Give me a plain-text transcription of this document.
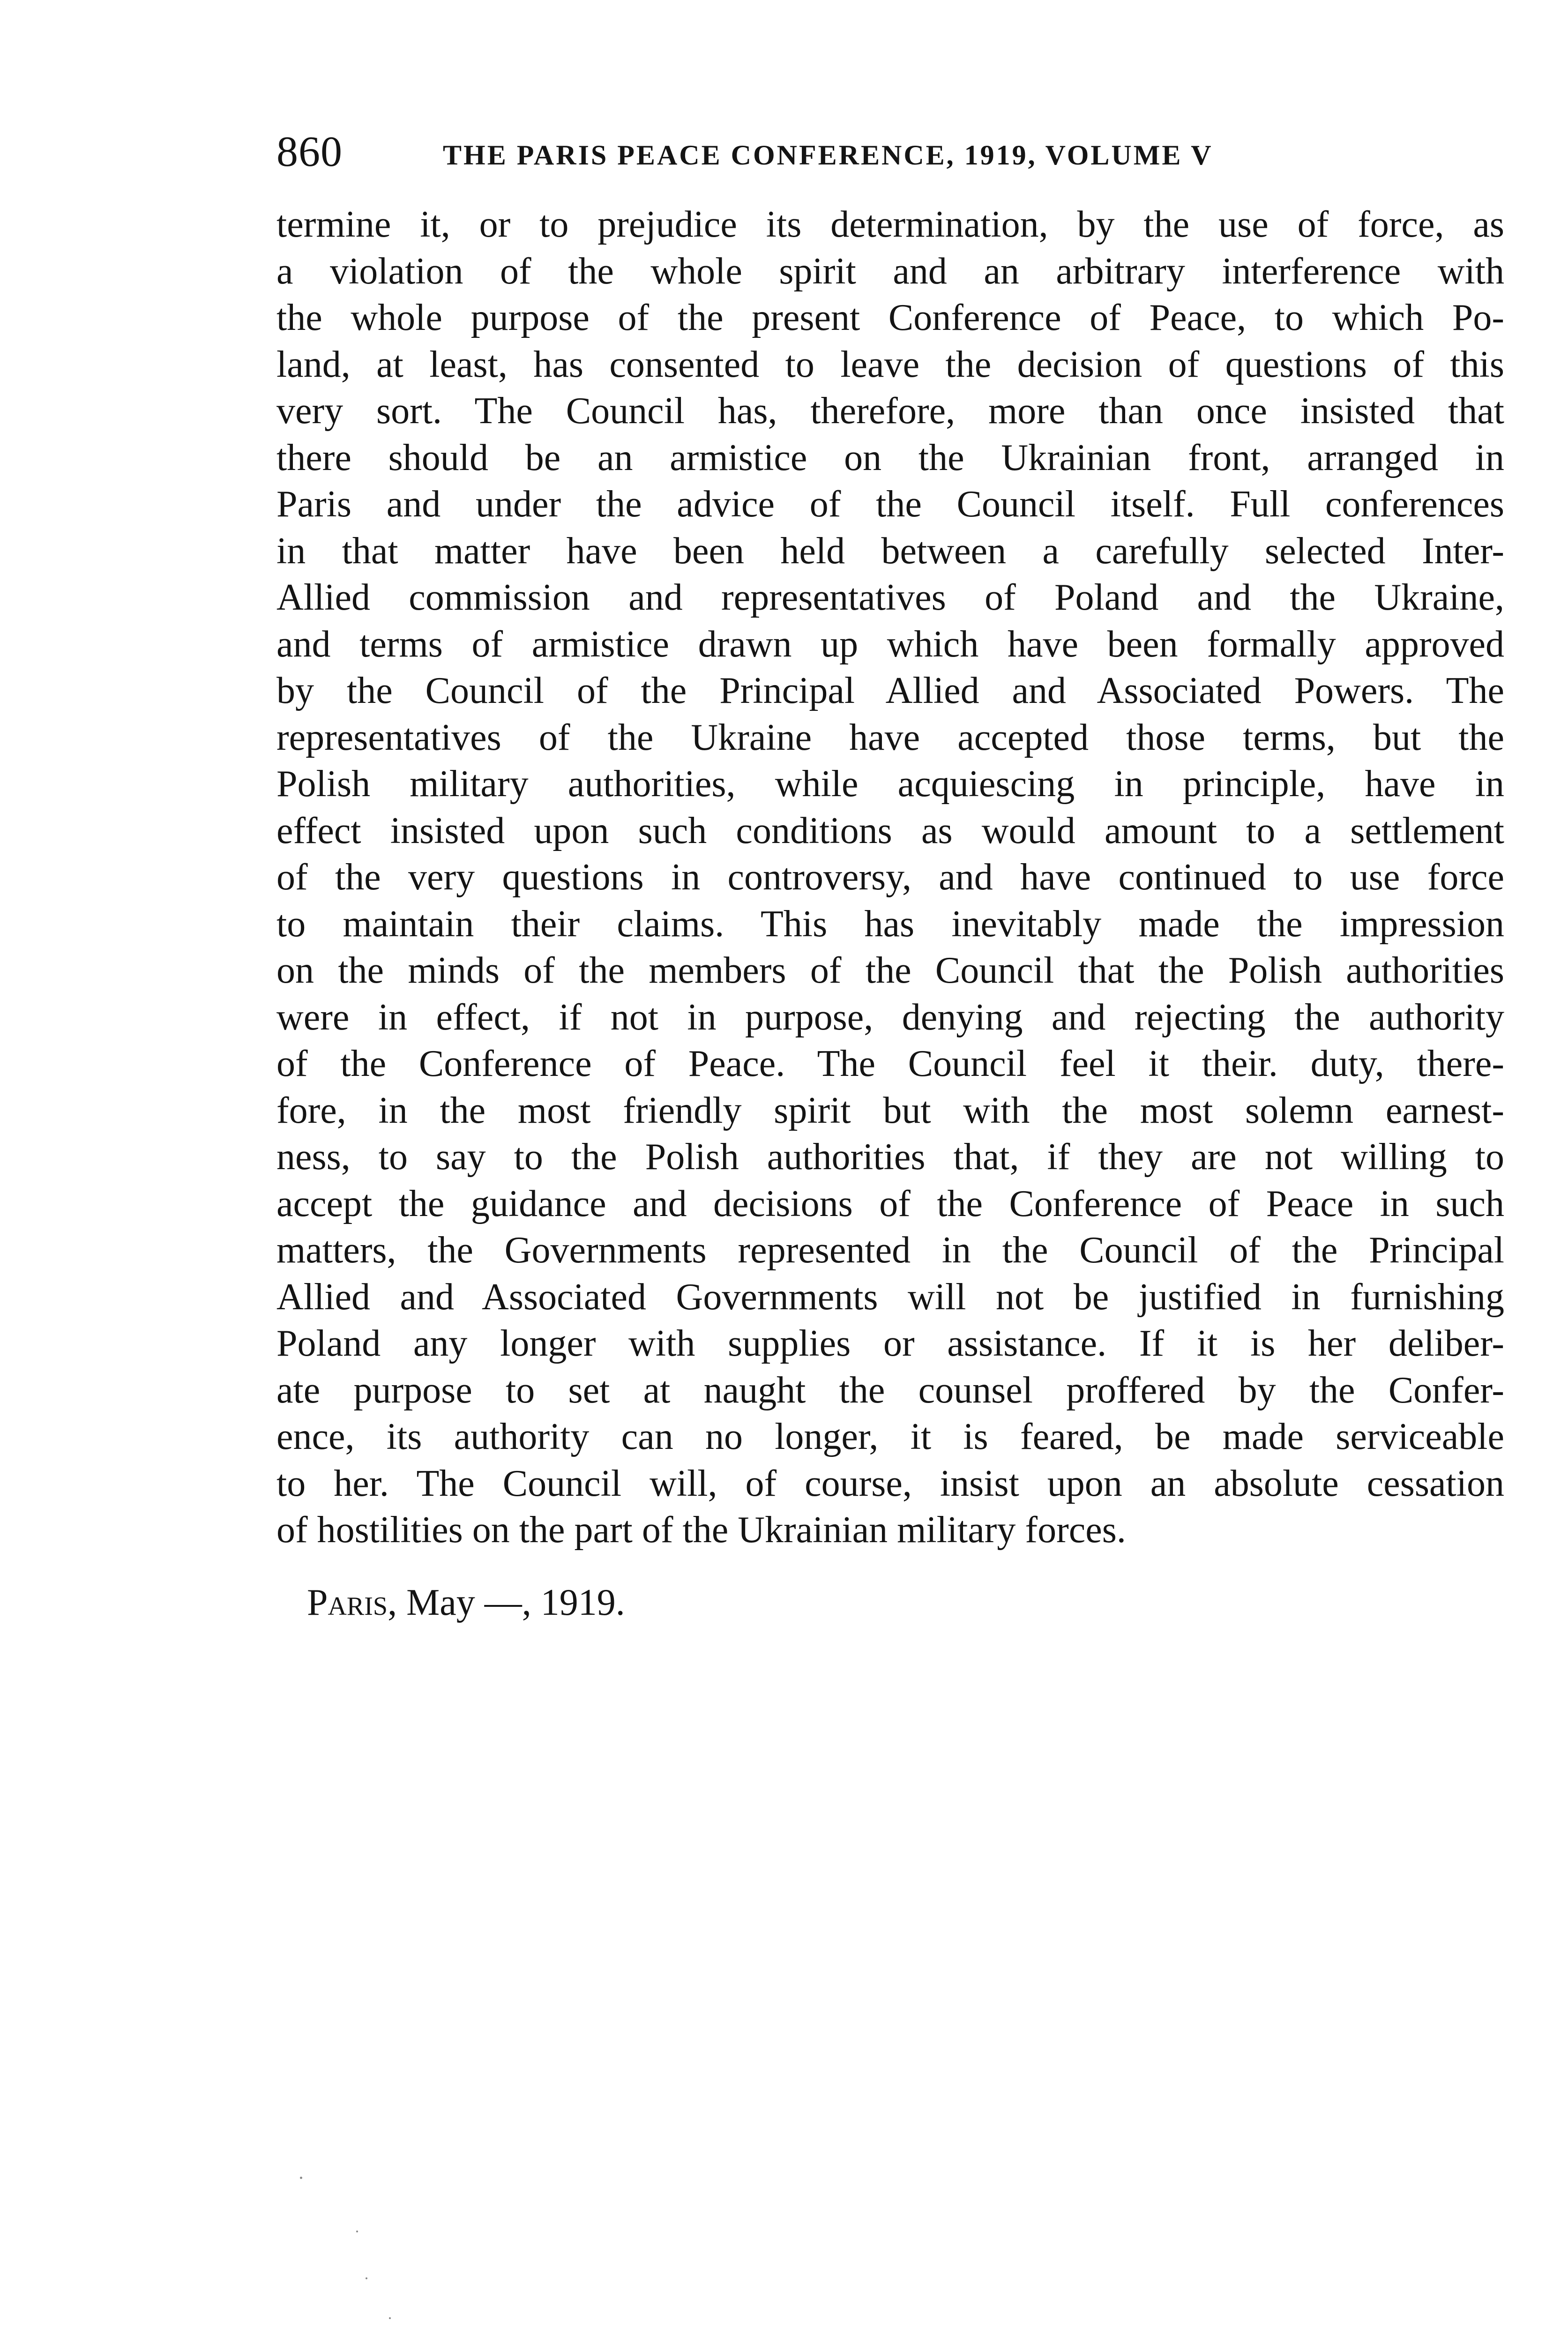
860	THE PARIS PEACE CONFERENCE, 1919, VOLUME V
termine it, or to prejudice its determination, by the use of force, as
a violation of the whole spirit and an arbitrary interference with
the whole purpose of the present Conference of Peace, to which Po-
land, at least, has consented to leave the decision of questions of this
very sort. The Council has, therefore, more than once insisted that
there should be an armistice on the Ukrainian front, arranged in
Paris and under the advice of the Council itself. Full conferences
in that matter have been held between a carefully selected Inter-
Allied commission and representatives of Poland and the Ukraine,
and terms of armistice drawn up which have been formally approved
by the Council of the Principal Allied and Associated Powers. The
representatives of the Ukraine have accepted those terms, but the
Polish military authorities, while acquiescing in principle, have in
effect insisted upon such conditions as would amount to a settlement
of the very questions in controversy, and have continued to use force
to maintain their claims. This has inevitably made the impression
on the minds of the members of the Council that the Polish authorities
were in effect, if not in purpose, denying and rejecting the authority
of the Conference of Peace. The Council feel it their. duty, there-
fore, in the most friendly spirit but with the most solemn earnest-
ness, to say to the Polish authorities that, if they are not willing to
accept the guidance and decisions of the Conference of Peace in such
matters, the Governments represented in the Council of the Principal
Allied and Associated Governments will not be justified in furnishing
Poland any longer with supplies or assistance. If it is her deliber-
ate purpose to set at naught the counsel proffered by the Confer-
ence, its authority can no longer, it is feared, be made serviceable
to her. The Council will, of course, insist upon an absolute cessation
of hostilities on the part of the Ukrainian military forces.
Paris, May —, 1919.
